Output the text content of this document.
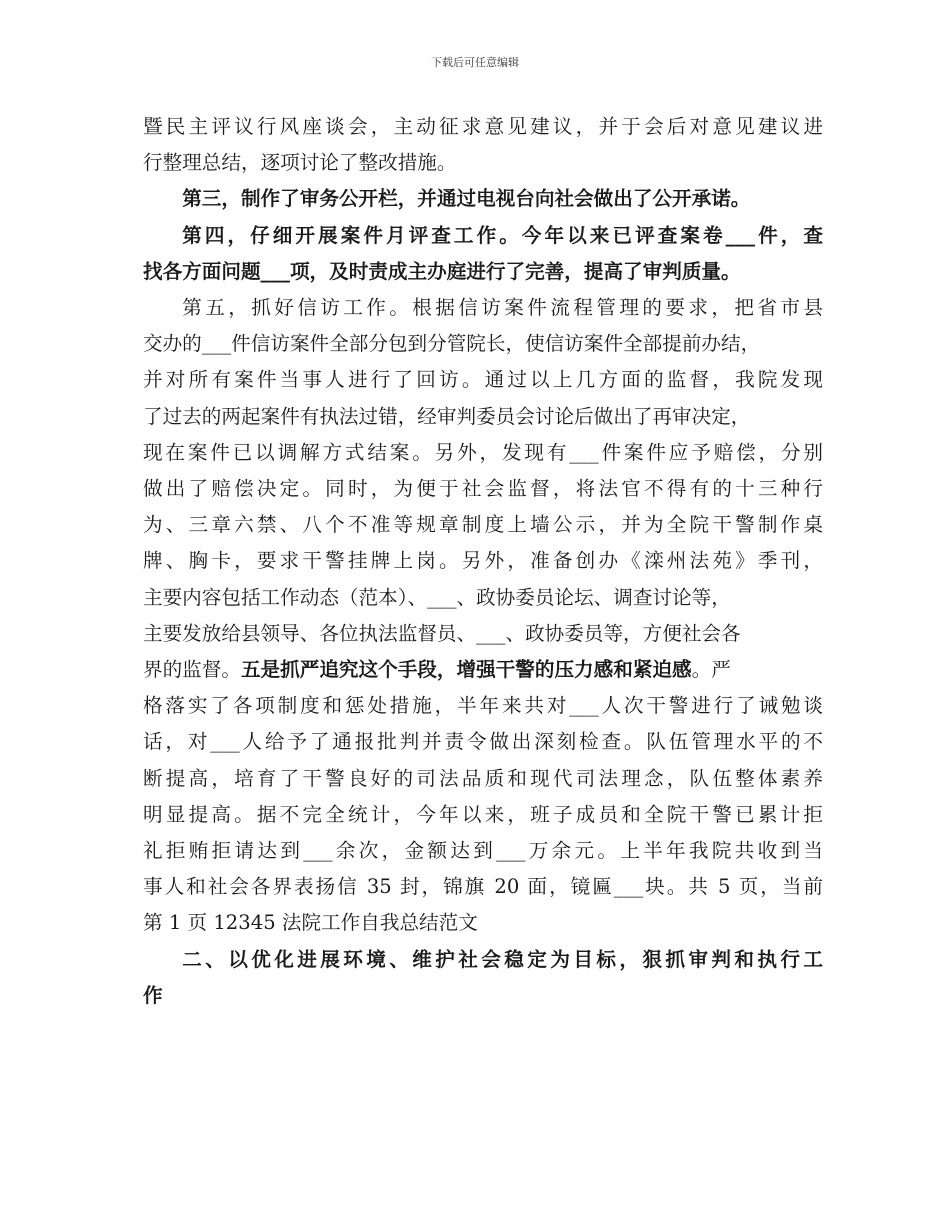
下载后可任意编辑

暨民主评议行风座谈会，主动征求意见建议，并于会后对意见建议进
行整理总结，逐项讨论了整改措施。

第三，制作了审务公开栏，并通过电视台向社会做出了公开承诺。

第四，仔细开展案件月评查工作。今年以来已评查案卷___件，查
找各方面问题___项，及时责成主办庭进行了完善，提高了审判质量。

第五，抓好信访工作。根据信访案件流程管理的要求，把省市县
交办的___件信访案件全部分包到分管院长，使信访案件全部提前办结，
并对所有案件当事人进行了回访。通过以上几方面的监督，我院发现
了过去的两起案件有执法过错，经审判委员会讨论后做出了再审决定，
现在案件已以调解方式结案。另外，发现有___件案件应予赔偿，分别
做出了赔偿决定。同时，为便于社会监督，将法官不得有的十三种行
为、三章六禁、八个不准等规章制度上墙公示，并为全院干警制作桌
牌、胸卡，要求干警挂牌上岗。另外，准备创办《滦州法苑》季刊，
主要内容包括工作动态（范本）、___、政协委员论坛、调查讨论等，
主要发放给县领导、各位执法监督员、___、政协委员等，方便社会各
界的监督。五是抓严追究这个手段，增强干警的压力感和紧迫感。严
格落实了各项制度和惩处措施，半年来共对___人次干警进行了诫勉谈
话，对___人给予了通报批判并责令做出深刻检查。队伍管理水平的不
断提高，培育了干警良好的司法品质和现代司法理念，队伍整体素养
明显提高。据不完全统计，今年以来，班子成员和全院干警已累计拒
礼拒贿拒请达到___余次，金额达到___万余元。上半年我院共收到当
事人和社会各界表扬信 35 封，锦旗 20 面，镜匾___块。共 5 页，当前
第 1 页 12345 法院工作自我总结范文

二、以优化进展环境、维护社会稳定为目标，狠抓审判和执行工
作
